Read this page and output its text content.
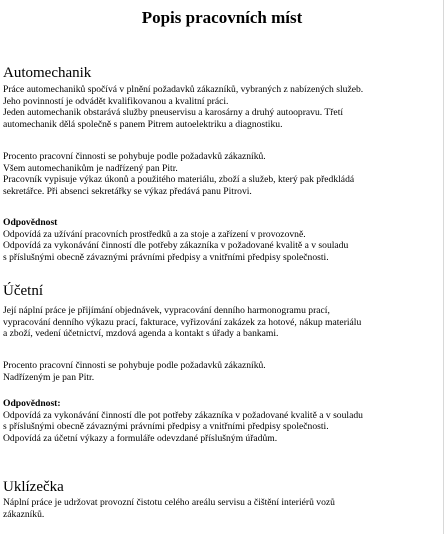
Popis pracovních míst
Automechanik
Práce automechaniků spočívá v plnění požadavků zákazníků, vybraných z nabízených služeb.
Jeho povinností je odvádět kvalifikovanou a kvalitní práci.
Jeden automechanik obstarává služby pneuservisu a karosárny a druhý autoopravu. Třetí
automechanik dělá společně s panem Pitrem autoelektriku a diagnostiku.
Procento pracovní činnosti se pohybuje podle požadavků zákazníků.
Všem automechanikům je nadřízený pan Pitr.
Pracovník vypisuje výkaz úkonů a použitého materiálu, zboží a služeb, který pak předkládá
sekretářce. Při absenci sekretářky se výkaz předává panu Pitrovi.
Odpovědnost
Odpovídá za užívání pracovních prostředků a za stoje a zařízení v provozovně.
Odpovídá za vykonávání činností dle potřeby zákazníka v požadované kvalitě a v souladu
s příslušnými obecně závaznými právními předpisy a vnitřními předpisy společnosti.
Účetní
Její náplní práce je přijímání objednávek, vypracování denního harmonogramu prací,
vypracování denního výkazu prací, fakturace, vyřizování zakázek za hotové, nákup materiálu
a zboží, vedení účetnictví, mzdová agenda a kontakt s úřady a bankami.
Procento pracovní činnosti se pohybuje podle požadavků zákazníků.
Nadřízeným je pan Pitr.
Odpovědnost:
Odpovídá za vykonávání činností dle pot potřeby zákazníka v požadované kvalitě a v souladu
s příslušnými obecně závaznými právními předpisy a vnitřními předpisy společnosti.
Odpovídá za účetní výkazy a formuláře odevzdané příslušným úřadům.
Uklízečka
Náplní práce je udržovat provozní čistotu celého areálu servisu a čištění interiérů vozů
zákazníků.
